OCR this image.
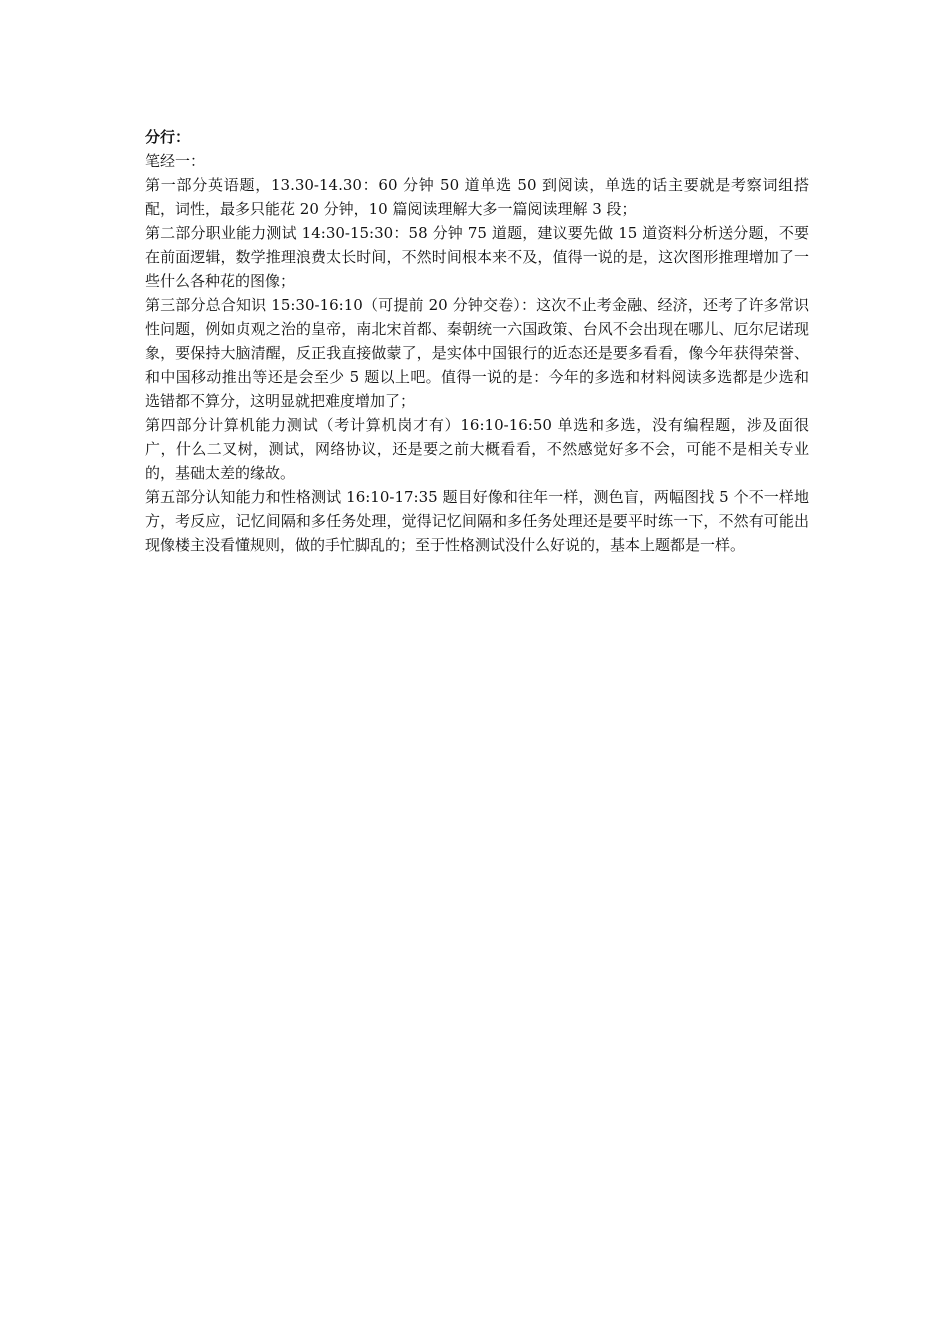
分行：

笔经一：

第一部分英语题，13.30-14.30：60 分钟 50 道单选 50 到阅读，单选的话主要就是考察词组搭配，词性，最多只能花 20 分钟，10 篇阅读理解大多一篇阅读理解 3 段；

第二部分职业能力测试 14:30-15:30：58 分钟 75 道题，建议要先做 15 道资料分析送分题，不要在前面逻辑，数学推理浪费太长时间，不然时间根本来不及，值得一说的是，这次图形推理增加了一些什么各种花的图像；

第三部分总合知识 15:30-16:10（可提前 20 分钟交卷）：这次不止考金融、经济，还考了许多常识性问题，例如贞观之治的皇帝，南北宋首都、秦朝统一六国政策、台风不会出现在哪儿、厄尔尼诺现象，要保持大脑清醒，反正我直接做蒙了，是实体中国银行的近态还是要多看看，像今年获得荣誉、和中国移动推出等还是会至少 5 题以上吧。值得一说的是：今年的多选和材料阅读多选都是少选和选错都不算分，这明显就把难度增加了；

第四部分计算机能力测试（考计算机岗才有）16:10-16:50 单选和多选，没有编程题，涉及面很广，什么二叉树，测试，网络协议，还是要之前大概看看，不然感觉好多不会，可能不是相关专业的，基础太差的缘故。

第五部分认知能力和性格测试 16:10-17:35 题目好像和往年一样，测色盲，两幅图找 5 个不一样地方，考反应，记忆间隔和多任务处理，觉得记忆间隔和多任务处理还是要平时练一下，不然有可能出现像楼主没看懂规则，做的手忙脚乱的；至于性格测试没什么好说的，基本上题都是一样。
